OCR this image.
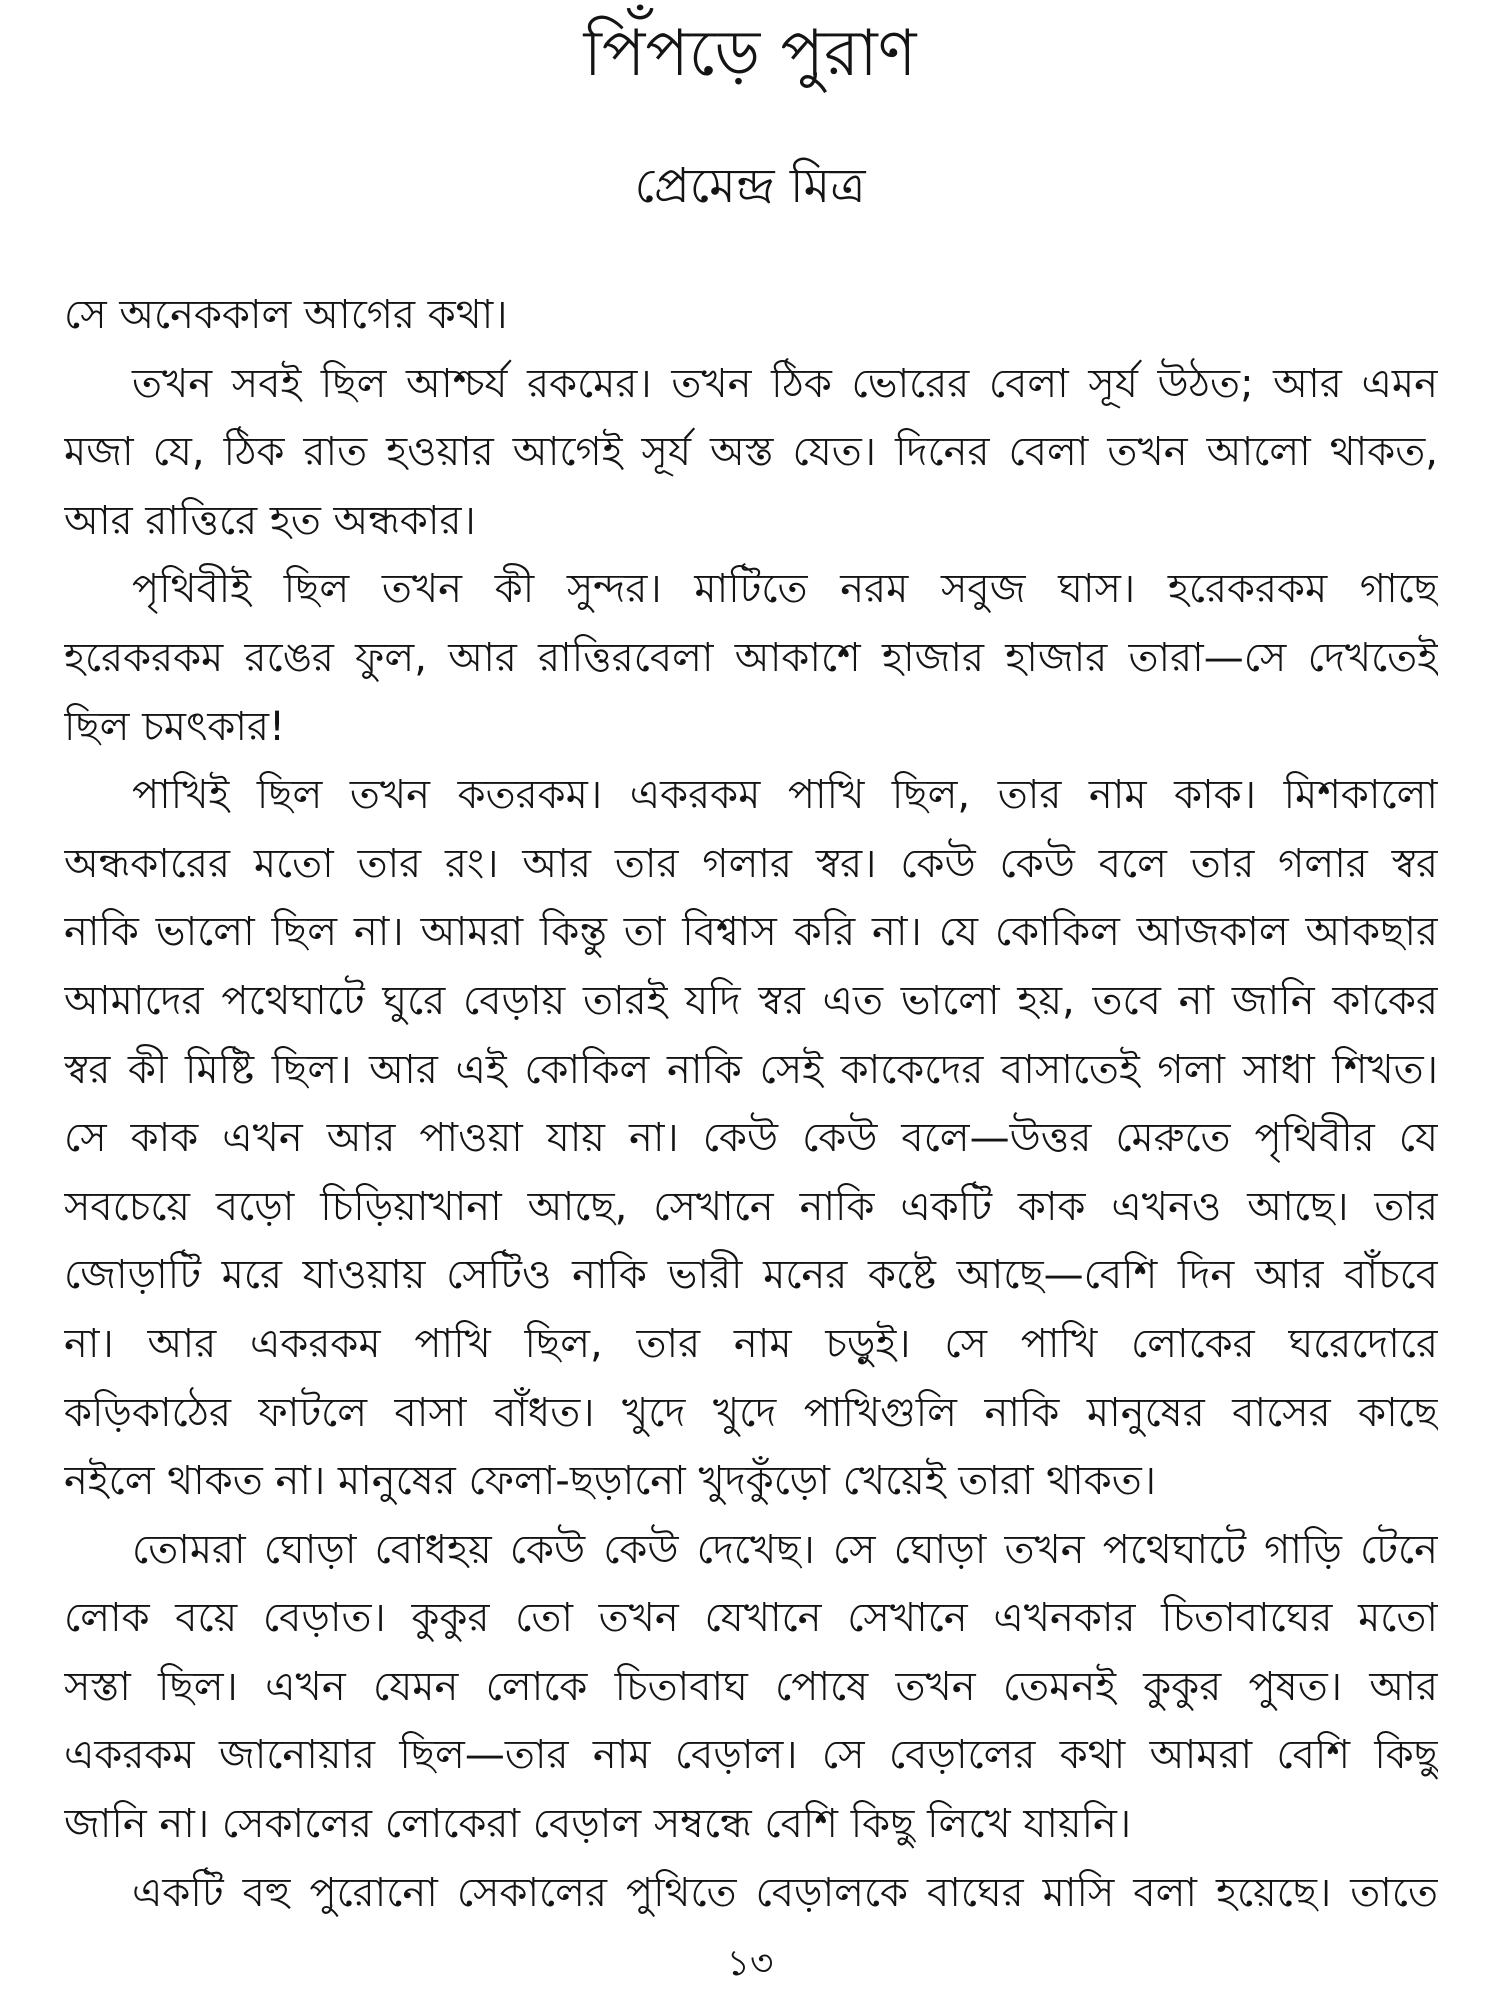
পিঁপড়ে পুরাণ
প্রেমেন্দ্র মিত্র
সে অনেককাল আগের কথা।
তখন সবই ছিল আশ্চর্য রকমের। তখন ঠিক ভোরের বেলা সূর্য উঠত; আর এমন
মজা যে, ঠিক রাত হওয়ার আগেই সূর্য অস্ত যেত। দিনের বেলা তখন আলো থাকত,
আর রাত্তিরে হত অন্ধকার।
পৃথিবীই ছিল তখন কী সুন্দর। মাটিতে নরম সবুজ ঘাস। হরেকরকম গাছে
হরেকরকম রঙের ফুল, আর রাত্তিরবেলা আকাশে হাজার হাজার তারা—সে দেখতেই
ছিল চমৎকার!
পাখিই ছিল তখন কতরকম। একরকম পাখি ছিল, তার নাম কাক। মিশকালো
অন্ধকারের মতো তার রং। আর তার গলার স্বর। কেউ কেউ বলে তার গলার স্বর
নাকি ভালো ছিল না। আমরা কিন্তু তা বিশ্বাস করি না। যে কোকিল আজকাল আকছার
আমাদের পথেঘাটে ঘুরে বেড়ায় তারই যদি স্বর এত ভালো হয়, তবে না জানি কাকের
স্বর কী মিষ্টি ছিল। আর এই কোকিল নাকি সেই কাকেদের বাসাতেই গলা সাধা শিখত।
সে কাক এখন আর পাওয়া যায় না। কেউ কেউ বলে—উত্তর মেরুতে পৃথিবীর যে
সবচেয়ে বড়ো চিড়িয়াখানা আছে, সেখানে নাকি একটি কাক এখনও আছে। তার
জোড়াটি মরে যাওয়ায় সেটিও নাকি ভারী মনের কষ্টে আছে—বেশি দিন আর বাঁচবে
না। আর একরকম পাখি ছিল, তার নাম চড়ুই। সে পাখি লোকের ঘরেদোরে
কড়িকাঠের ফাটলে বাসা বাঁধত। খুদে খুদে পাখিগুলি নাকি মানুষের বাসের কাছে
নইলে থাকত না। মানুষের ফেলা-ছড়ানো খুদকুঁড়ো খেয়েই তারা থাকত।
তোমরা ঘোড়া বোধহয় কেউ কেউ দেখেছ। সে ঘোড়া তখন পথেঘাটে গাড়ি টেনে
লোক বয়ে বেড়াত। কুকুর তো তখন যেখানে সেখানে এখনকার চিতাবাঘের মতো
সস্তা ছিল। এখন যেমন লোকে চিতাবাঘ পোষে তখন তেমনই কুকুর পুষত। আর
একরকম জানোয়ার ছিল—তার নাম বেড়াল। সে বেড়ালের কথা আমরা বেশি কিছু
জানি না। সেকালের লোকেরা বেড়াল সম্বন্ধে বেশি কিছু লিখে যায়নি।
একটি বহু পুরোনো সেকালের পুথিতে বেড়ালকে বাঘের মাসি বলা হয়েছে। তাতে
১৩
